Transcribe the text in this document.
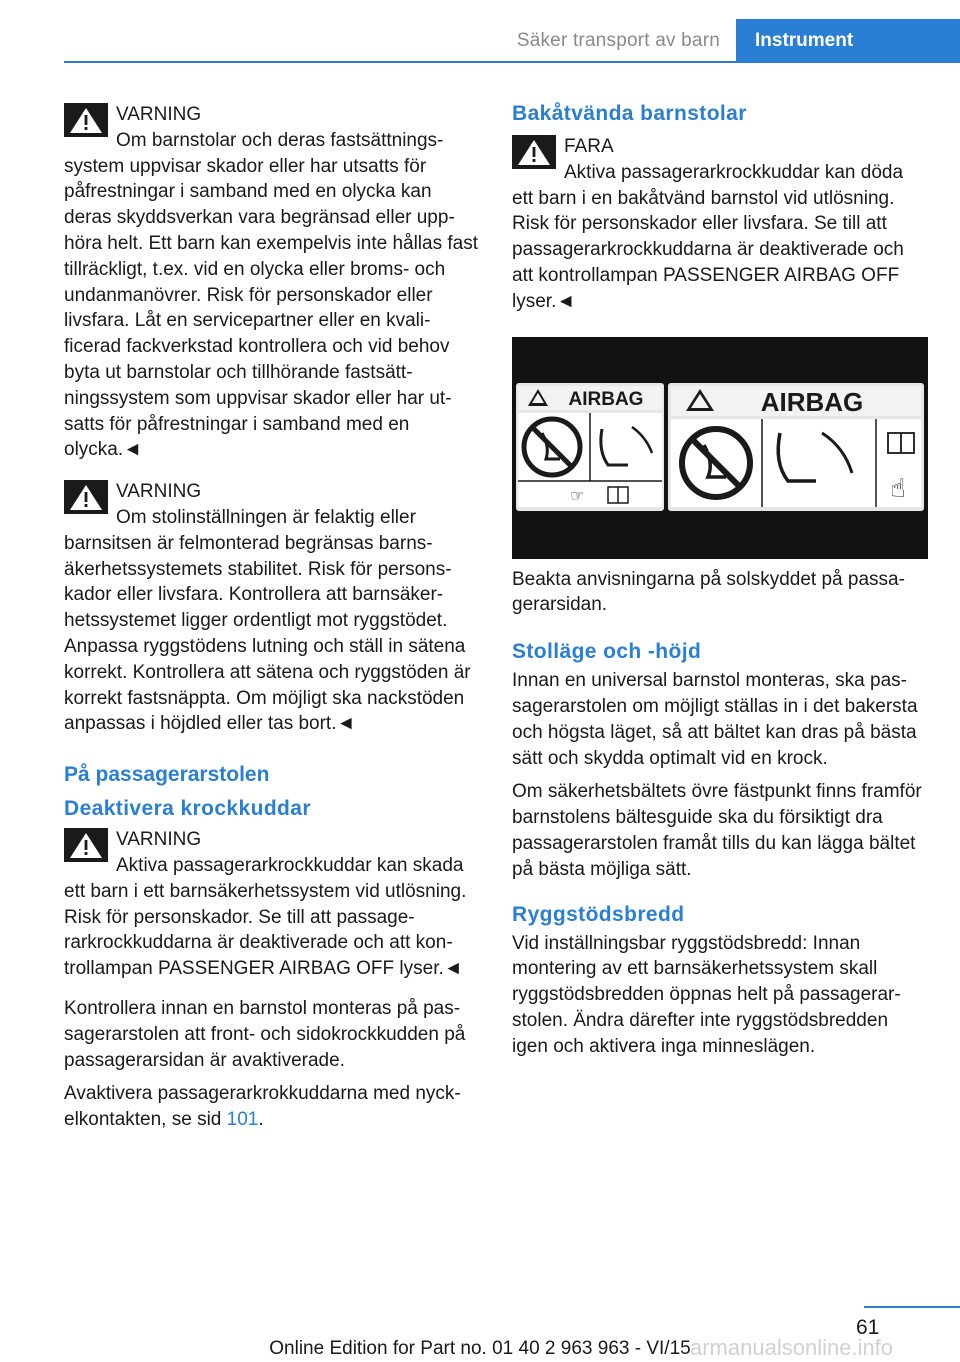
Säker transport av barn	Instrument
VARNING
Om barnstolar och deras fastsättningssystem uppvisar skador eller har utsatts för påfrestningar i samband med en olycka kan deras skyddsverkan vara begränsad eller upphöra helt. Ett barn kan exempelvis inte hållas fast tillräckligt, t.ex. vid en olycka eller broms- och undanmanövrer. Risk för personskador eller livsfara. Låt en servicepartner eller en kvalificerad fackverkstad kontrollera och vid behov byta ut barnstolar och tillhörande fastsättningssystem som uppvisar skador eller har utsatts för påfrestningar i samband med en olycka.◄
VARNING
Om stolinställningen är felaktig eller barnsitsen är felmonterad begränsas barnsäkerhetssystemets stabilitet. Risk för personskador eller livsfara. Kontrollera att barnsäkerhetssystemet ligger ordentligt mot ryggstödet. Anpassa ryggstödens lutning och ställ in sätena korrekt. Kontrollera att sätena och ryggstöden är korrekt fastsnäppta. Om möjligt ska nackstöden anpassas i höjdled eller tas bort.◄
På passagerarstolen
Deaktivera krockkuddar
VARNING
Aktiva passagerarkrockkuddar kan skada ett barn i ett barnsäkerhetssystem vid utlösning. Risk för personskador. Se till att passagerarkrockkuddarna är deaktiverade och att kontrollampan PASSENGER AIRBAG OFF lyser.◄

Kontrollera innan en barnstol monteras på passagerarstolen att front- och sidokrockkudden på passagerarsidan är avaktiverade.

Avaktivera passagerarkrokkuddarna med nyckelkontakten, se sid 101.

Bakåtvända barnstolar
FARA
Aktiva passagerarkrockkuddar kan döda ett barn i en bakåtvänd barnstol vid utlösning. Risk för personskador eller livsfara. Se till att passagerarkrockkuddarna är deaktiverade och att kontrollampan PASSENGER AIRBAG OFF lyser.◄
AIRBAG
☞
AIRBAG
☝

Beakta anvisningarna på solskyddet på passagerarsidan.

Stolläge och -höjd

Innan en universal barnstol monteras, ska passagerarstolen om möjligt ställas in i det bakersta och högsta läget, så att bältet kan dras på bästa sätt och skydda optimalt vid en krock.

Om säkerhetsbältets övre fästpunkt finns framför barnstolens bältesguide ska du försiktigt dra passagerarstolen framåt tills du kan lägga bältet på bästa möjliga sätt.

Ryggstödsbredd

Vid inställningsbar ryggstödsbredd: Innan montering av ett barnsäkerhetssystem skall ryggstödsbredden öppnas helt på passagerarstolen. Ändra därefter inte ryggstödsbredden igen och aktivera inga minneslägen.

61
Online Edition for Part no. 01 40 2 963 963 - VI/15 armanualsonline.info
